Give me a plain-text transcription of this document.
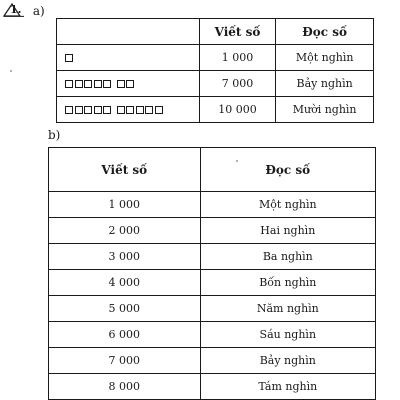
1. a)
	Viết số	Đọc số
	1 000	Một nghìn
	7 000	Bảy nghìn
	10 000	Mười nghìn
b)
Viết số	Đọc số
1 000	Một nghìn
2 000	Hai nghìn
3 000	Ba nghìn
4 000	Bốn nghìn
5 000	Năm nghìn
6 000	Sáu nghìn
7 000	Bảy nghìn
8 000	Tám nghìn
